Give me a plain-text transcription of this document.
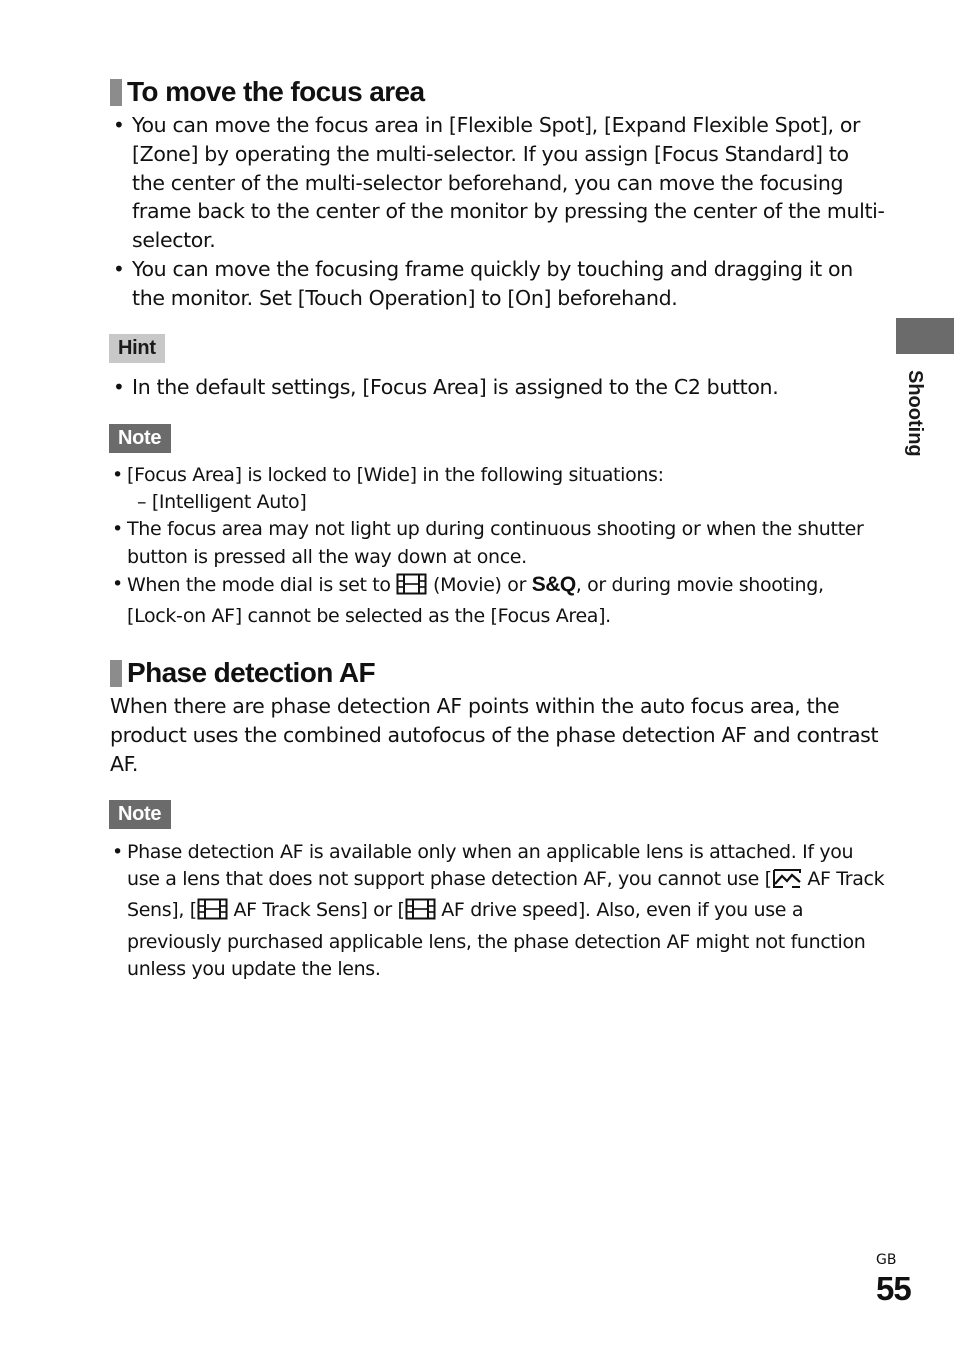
To move the focus area
• You can move the focus area in [Flexible Spot], [Expand Flexible Spot], or [Zone] by operating the multi-selector. If you assign [Focus Standard] to the center of the multi-selector beforehand, you can move the focusing frame back to the center of the monitor by pressing the center of the multi-selector.
• You can move the focusing frame quickly by touching and dragging it on the monitor. Set [Touch Operation] to [On] beforehand.
Hint
• In the default settings, [Focus Area] is assigned to the C2 button.
Note
• [Focus Area] is locked to [Wide] in the following situations:
– [Intelligent Auto]
• The focus area may not light up during continuous shooting or when the shutter button is pressed all the way down at once.
• When the mode dial is set to  (Movie) or S&Q, or during movie shooting, [Lock-on AF] cannot be selected as the [Focus Area].
Phase detection AF

When there are phase detection AF points within the auto focus area, the product uses the combined autofocus of the phase detection AF and contrast AF.

Note
• Phase detection AF is available only when an applicable lens is attached. If you use a lens that does not support phase detection AF, you cannot use [ AF Track Sens], [ AF Track Sens] or [ AF drive speed]. Also, even if you use a previously purchased applicable lens, the phase detection AF might not function unless you update the lens.
Shooting
GB
55
